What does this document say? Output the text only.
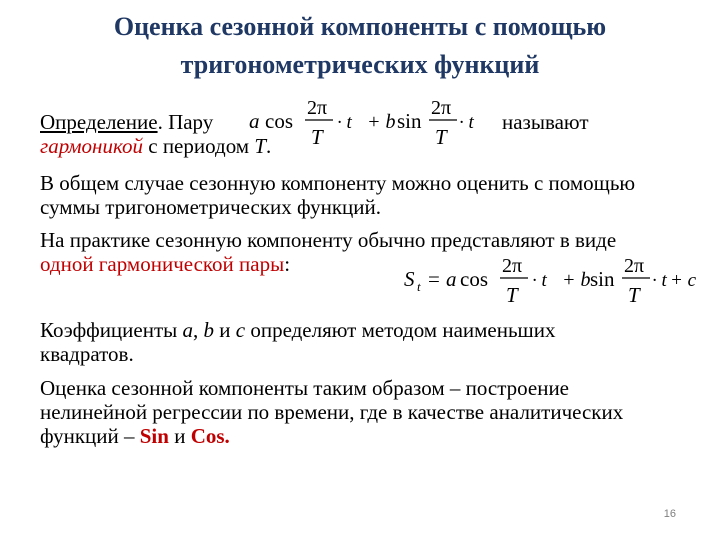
Оценка сезонной компоненты с помощью
тригонометрических функций
Определение. Пару	называют
гармоникой с периодом T.
a cos
2π
T
· t + b sin
2π
T
· t
В общем случае сезонную компоненту можно оценить с помощью суммы тригонометрических функций.
На практике сезонную компоненту обычно представляют в виде одной гармонической пары:
S t = a cos
2π
T
· t + b sin
2π
T
· t + c
Коэффициенты a, b и c определяют методом наименьших квадратов.
Оценка сезонной компоненты таким образом – построение нелинейной регрессии по времени, где в качестве аналитических функций – Sin и Cos.
16
